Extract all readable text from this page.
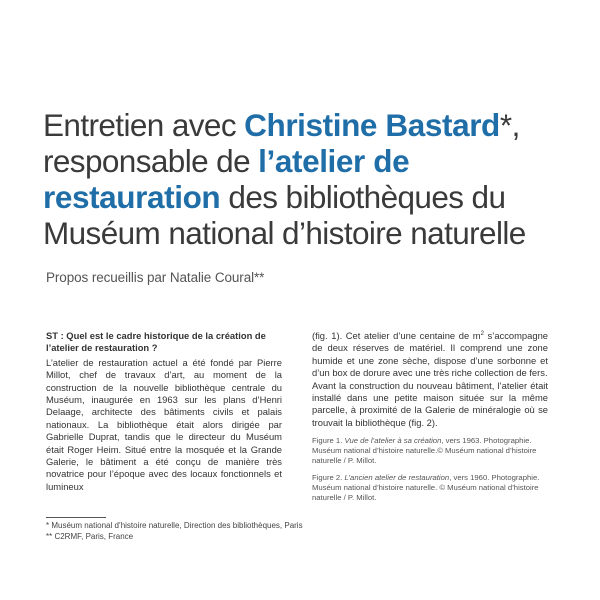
Entretien avec Christine Bastard*, responsable de l’atelier de restauration des bibliothèques du Muséum national d’histoire naturelle
Propos recueillis par Natalie Coural**

ST : Quel est le cadre historique de la création de l’atelier de restauration ?

L’atelier de restauration actuel a été fondé par Pierre Millot, chef de travaux d’art, au moment de la construction de la nouvelle bibliothèque centrale du Muséum, inaugurée en 1963 sur les plans d’Henri Delaage, architecte des bâtiments civils et palais nationaux. La bibliothèque était alors dirigée par Gabrielle Duprat, tandis que le directeur du Muséum était Roger Heim. Situé entre la mosquée et la Grande Galerie, le bâtiment a été conçu de manière très novatrice pour l’époque avec des locaux fonctionnels et lumineux

(fig. 1). Cet atelier d’une centaine de $m^2$ s’accompagne de deux réserves de matériel. Il comprend une zone humide et une zone sèche, dispose d’une sorbonne et d’un box de dorure avec une très riche collection de fers.

Avant la construction du nouveau bâtiment, l’atelier était installé dans une petite maison située sur la même parcelle, à proximité de la Galerie de minéralogie où se trouvait la bibliothèque (fig. 2).

Figure 1. Vue de l’atelier à sa création, vers 1963. Photographie. Muséum national d’histoire naturelle.© Muséum national d’histoire naturelle / P. Millot.

Figure 2. L’ancien atelier de restauration, vers 1960. Photographie. Muséum national d’histoire naturelle. © Muséum national d’histoire naturelle / P. Millot.

* Muséum national d’histoire naturelle, Direction des bibliothèques, Paris
** C2RMF, Paris, France
